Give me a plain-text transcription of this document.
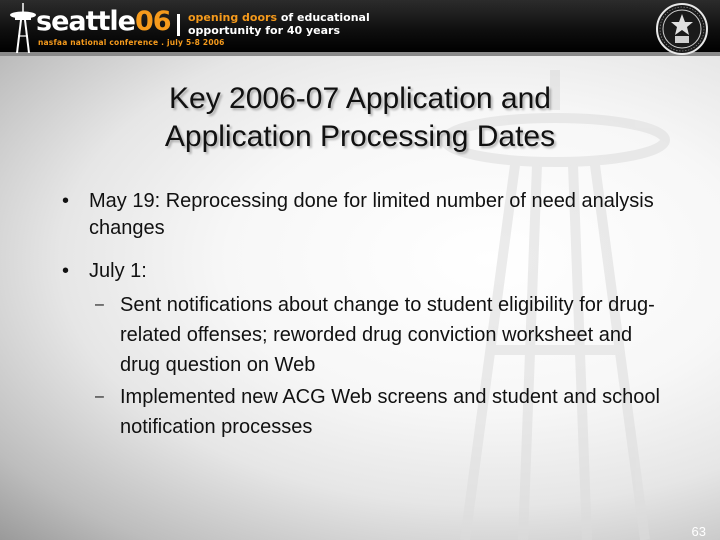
seattle06
nasfaa national conference . july 5-8 2006
opening doors of educational
opportunity for 40 years
Key 2006-07 Application and
Application Processing Dates
• May 19: Reprocessing done for limited number of need analysis changes
• July 1:
– Sent notifications about change to student eligibility for drug-related offenses; reworded drug conviction worksheet and drug question on Web
– Implemented new ACG Web screens and student and school notification processes
63
